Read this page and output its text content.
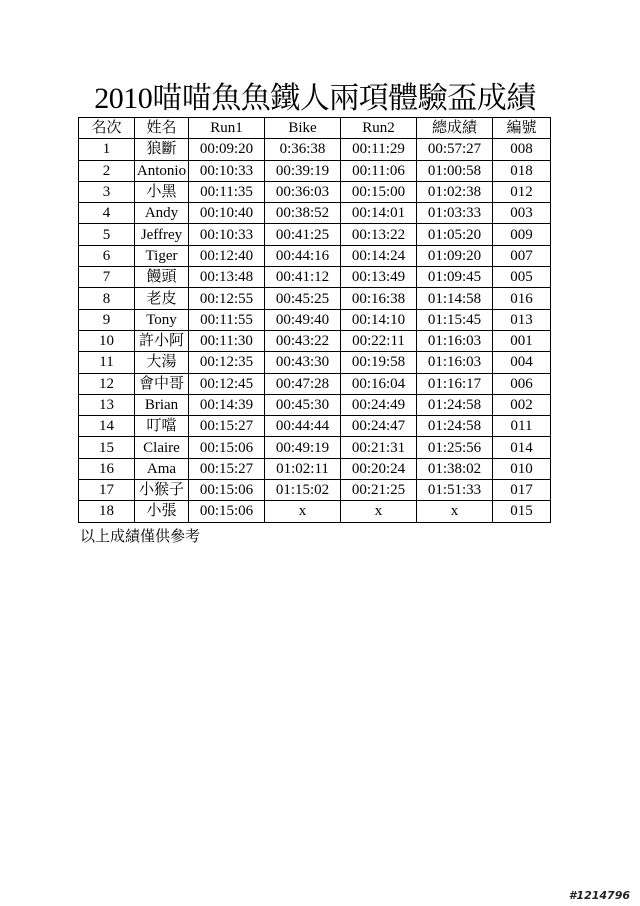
2010喵喵魚魚鐵人兩項體驗盃成績
名次	姓名	Run1	Bike	Run2	總成績	編號
1	狼斷	00:09:20	0:36:38	00:11:29	00:57:27	008
2	Antonio	00:10:33	00:39:19	00:11:06	01:00:58	018
3	小黑	00:11:35	00:36:03	00:15:00	01:02:38	012
4	Andy	00:10:40	00:38:52	00:14:01	01:03:33	003
5	Jeffrey	00:10:33	00:41:25	00:13:22	01:05:20	009
6	Tiger	00:12:40	00:44:16	00:14:24	01:09:20	007
7	饅頭	00:13:48	00:41:12	00:13:49	01:09:45	005
8	老皮	00:12:55	00:45:25	00:16:38	01:14:58	016
9	Tony	00:11:55	00:49:40	00:14:10	01:15:45	013
10	許小阿	00:11:30	00:43:22	00:22:11	01:16:03	001
11	大湯	00:12:35	00:43:30	00:19:58	01:16:03	004
12	會中哥	00:12:45	00:47:28	00:16:04	01:16:17	006
13	Brian	00:14:39	00:45:30	00:24:49	01:24:58	002
14	叮噹	00:15:27	00:44:44	00:24:47	01:24:58	011
15	Claire	00:15:06	00:49:19	00:21:31	01:25:56	014
16	Ama	00:15:27	01:02:11	00:20:24	01:38:02	010
17	小猴子	00:15:06	01:15:02	00:21:25	01:51:33	017
18	小張	00:15:06	x	x	x	015
以上成績僅供參考
#1214796
